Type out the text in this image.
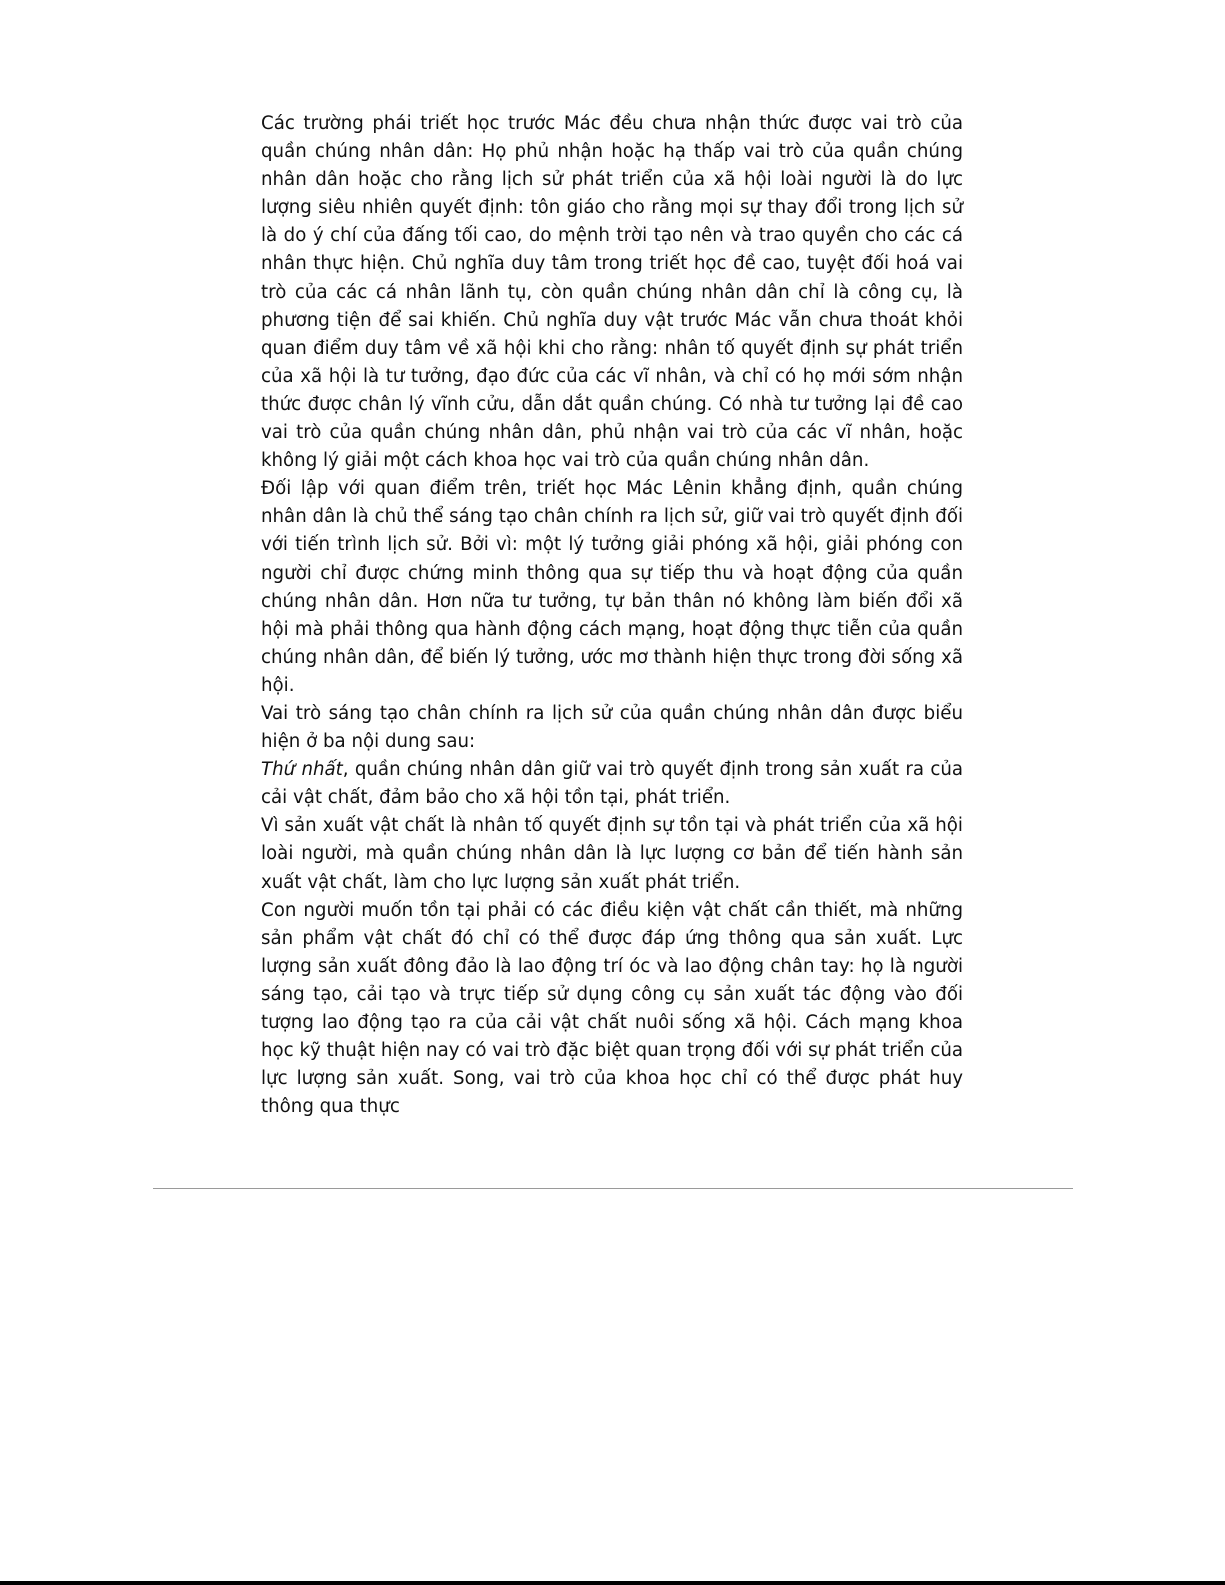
Các trường phái triết học trước Mác đều chưa nhận thức được vai trò của quần chúng nhân dân: Họ phủ nhận hoặc hạ thấp vai trò của quần chúng nhân dân hoặc cho rằng lịch sử phát triển của xã hội loài người là do lực lượng siêu nhiên quyết định: tôn giáo cho rằng mọi sự thay đổi trong lịch sử là do ý chí của đấng tối cao, do mệnh trời tạo nên và trao quyền cho các cá nhân thực hiện. Chủ nghĩa duy tâm trong triết học đề cao, tuyệt đối hoá vai trò của các cá nhân lãnh tụ, còn quần chúng nhân dân chỉ là công cụ, là phương tiện để sai khiến. Chủ nghĩa duy vật trước Mác vẫn chưa thoát khỏi quan điểm duy tâm về xã hội khi cho rằng: nhân tố quyết định sự phát triển của xã hội là tư tưởng, đạo đức của các vĩ nhân, và chỉ có họ mới sớm nhận thức được chân lý vĩnh cửu, dẫn dắt quần chúng. Có nhà tư tưởng lại đề cao vai trò của quần chúng nhân dân, phủ nhận vai trò của các vĩ nhân, hoặc không lý giải một cách khoa học vai trò của quần chúng nhân dân.

Đối lập với quan điểm trên, triết học Mác Lênin khẳng định, quần chúng nhân dân là chủ thể sáng tạo chân chính ra lịch sử, giữ vai trò quyết định đối với tiến trình lịch sử. Bởi vì: một lý tưởng giải phóng xã hội, giải phóng con người chỉ được chứng minh thông qua sự tiếp thu và hoạt động của quần chúng nhân dân. Hơn nữa tư tưởng, tự bản thân nó không làm biến đổi xã hội mà phải thông qua hành động cách mạng, hoạt động thực tiễn của quần chúng nhân dân, để biến lý tưởng, ước mơ thành hiện thực trong đời sống xã hội.

Vai trò sáng tạo chân chính ra lịch sử của quần chúng nhân dân được biểu hiện ở ba nội dung sau:

Thứ nhất, quần chúng nhân dân giữ vai trò quyết định trong sản xuất ra của cải vật chất, đảm bảo cho xã hội tồn tại, phát triển.

Vì sản xuất vật chất là nhân tố quyết định sự tồn tại và phát triển của xã hội loài người, mà quần chúng nhân dân là lực lượng cơ bản để tiến hành sản xuất vật chất, làm cho lực lượng sản xuất phát triển.

Con người muốn tồn tại phải có các điều kiện vật chất cần thiết, mà những sản phẩm vật chất đó chỉ có thể được đáp ứng thông qua sản xuất. Lực lượng sản xuất đông đảo là lao động trí óc và lao động chân tay: họ là người sáng tạo, cải tạo và trực tiếp sử dụng công cụ sản xuất tác động vào đối tượng lao động tạo ra của cải vật chất nuôi sống xã hội. Cách mạng khoa học kỹ thuật hiện nay có vai trò đặc biệt quan trọng đối với sự phát triển của lực lượng sản xuất. Song, vai trò của khoa học chỉ có thể được phát huy thông qua thực
